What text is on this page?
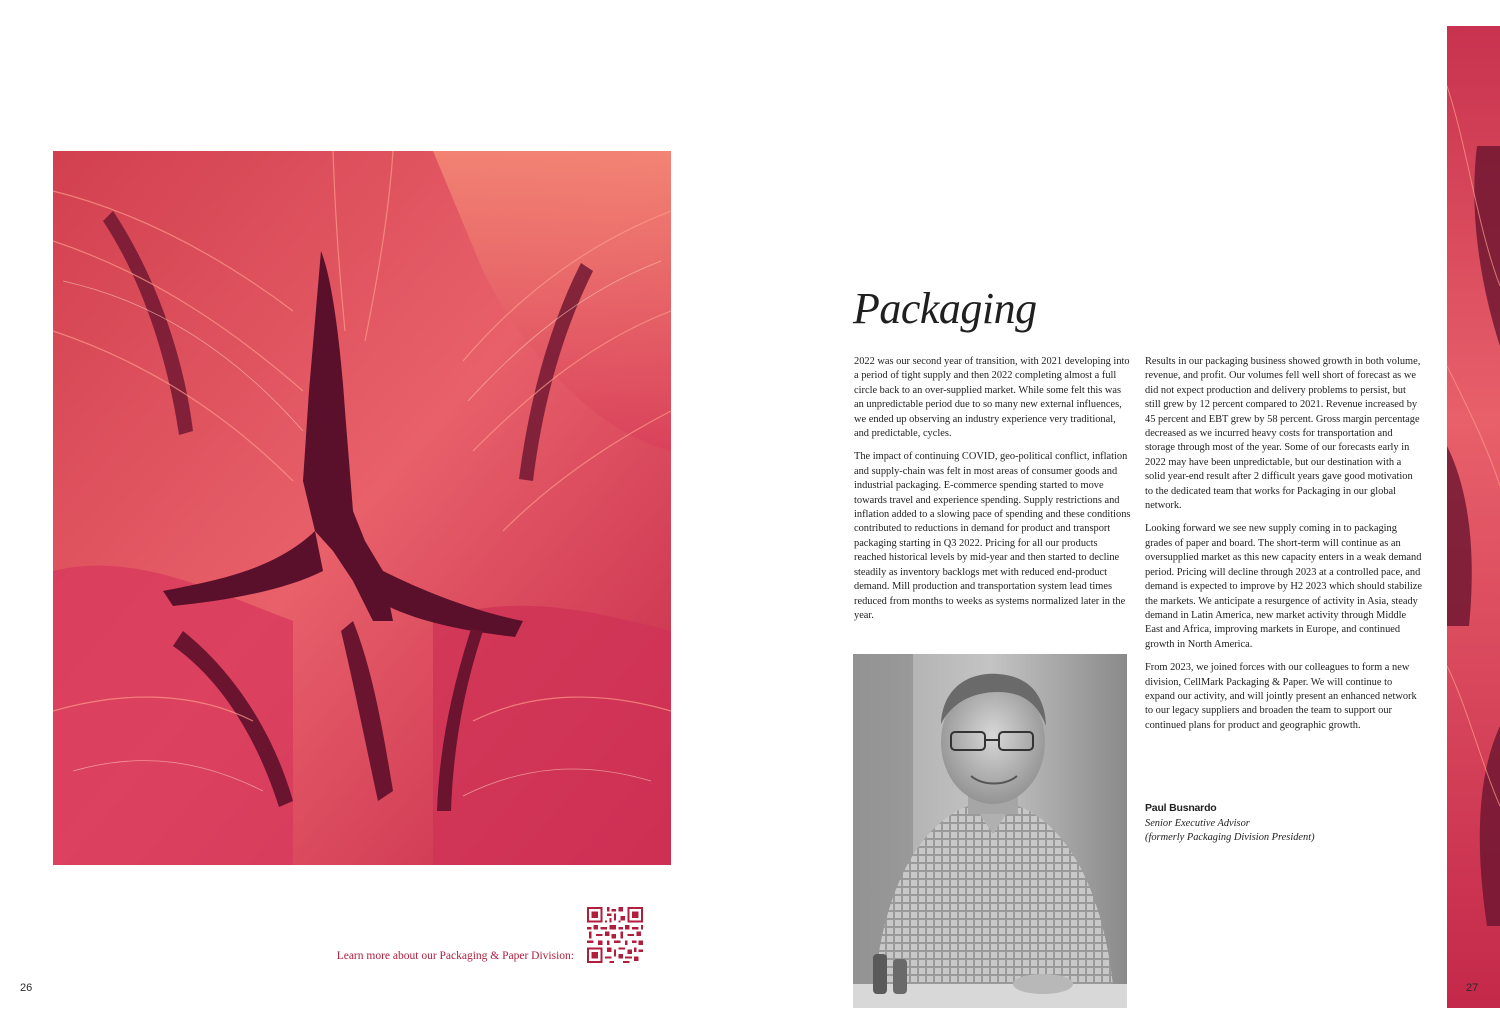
26	27
Learn more about our Packaging & Paper Division:
Packaging

2022 was our second year of transition, with 2021 developing into a period of tight supply and then 2022 completing almost a full circle back to an over-supplied market. While some felt this was an unpredictable period due to so many new external influences, we ended up observing an industry experience very traditional, and predictable, cycles.

The impact of continuing COVID, geo-political conflict, inflation and supply-chain was felt in most areas of consumer goods and industrial packaging. E-commerce spending started to move towards travel and experience spending. Supply restrictions and inflation added to a slowing pace of spending and these conditions contributed to reductions in demand for product and transport packaging starting in Q3 2022. Pricing for all our products reached historical levels by mid-year and then started to decline steadily as inventory backlogs met with reduced end-product demand. Mill production and transportation system lead times reduced from months to weeks as systems normalized later in the year.

Results in our packaging business showed growth in both volume, revenue, and profit. Our volumes fell well short of forecast as we did not expect production and delivery problems to persist, but still grew by 12 percent compared to 2021. Revenue increased by 45 percent and EBT grew by 58 percent. Gross margin percentage decreased as we incurred heavy costs for transportation and storage through most of the year. Some of our forecasts early in 2022 may have been unpredictable, but our destination with a solid year-end result after 2 difficult years gave good motivation to the dedicated team that works for Packaging in our global network.

Looking forward we see new supply coming in to packaging grades of paper and board. The short-term will continue as an oversupplied market as this new capacity enters in a weak demand period. Pricing will decline through 2023 at a controlled pace, and demand is expected to improve by H2 2023 which should stabilize the markets. We anticipate a resurgence of activity in Asia, steady demand in Latin America, new market activity through Middle East and Africa, improving markets in Europe, and continued growth in North America.

From 2023, we joined forces with our colleagues to form a new division, CellMark Packaging & Paper. We will continue to expand our activity, and will jointly present an enhanced network to our legacy suppliers and broaden the team to support our continued plans for product and geographic growth.

Paul Busnardo
Senior Executive Advisor
(formerly Packaging Division President)
